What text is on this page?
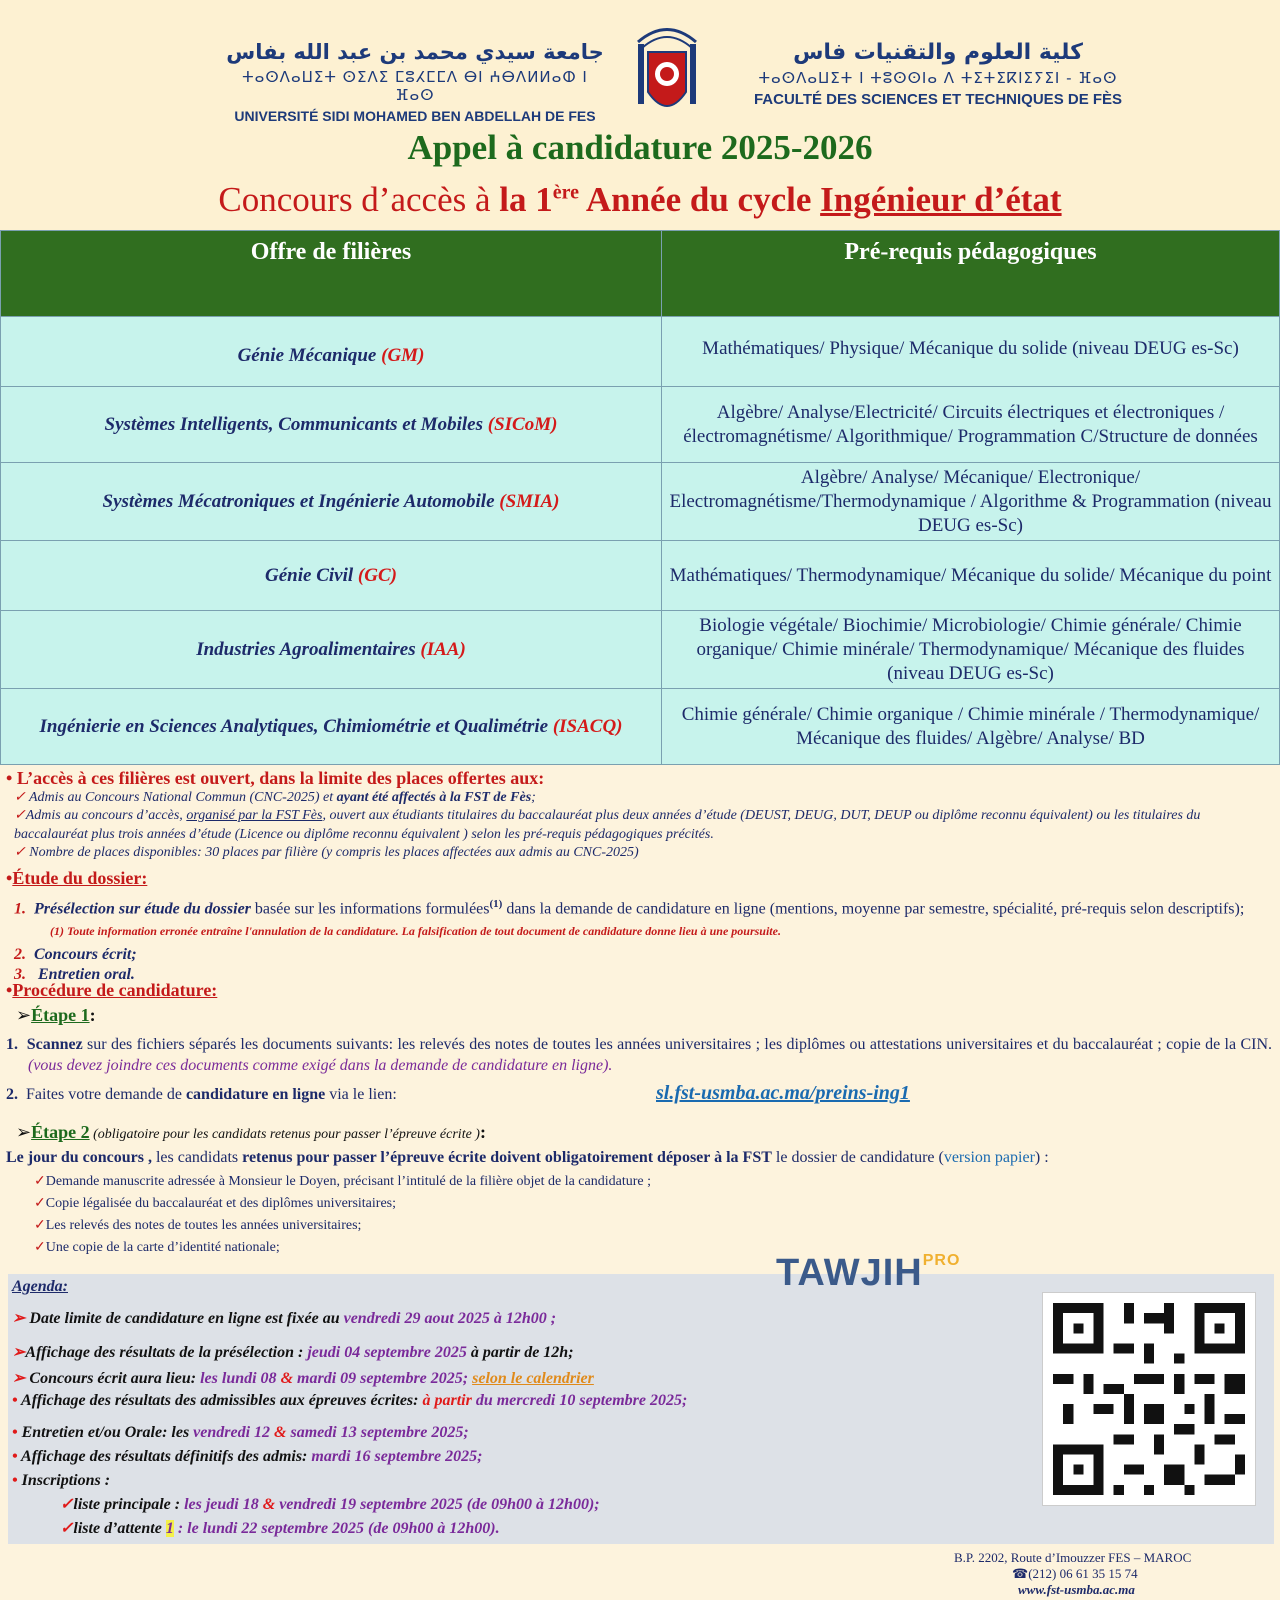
جامعة سيدي محمد بن عبد الله بفاس
ⵜⴰⵙⴷⴰⵡⵉⵜ ⵙⵉⴷⵉ ⵎⵓⵃⵎⵎⴷ ⴱⵏ ⵄⴱⴷⵍⵍⴰⵀ ⵏ ⴼⴰⵙ
UNIVERSITÉ SIDI MOHAMED BEN ABDELLAH DE FES
كلية العلوم والتقنيات فاس
ⵜⴰⵙⴷⴰⵡⵉⵜ ⵏ ⵜⵓⵙⵙⵏⴰ ⴷ ⵜⵉⵜⵉⴽⵏⵉⵢⵉⵏ - ⴼⴰⵙ
FACULTÉ DES SCIENCES ET TECHNIQUES DE FÈS
Appel à candidature 2025-2026
Concours d’accès à la 1ère Année du cycle Ingénieur d’état
Offre de filières	Pré-requis pédagogiques
Génie Mécanique (GM)	Mathématiques/ Physique/ Mécanique du solide (niveau DEUG es-Sc)
Systèmes Intelligents, Communicants et Mobiles (SICoM)	Algèbre/ Analyse/Electricité/ Circuits électriques et électroniques / électromagnétisme/ Algorithmique/ Programmation C/Structure de données
Systèmes Mécatroniques et Ingénierie Automobile (SMIA)	Algèbre/ Analyse/ Mécanique/ Electronique/ Electromagnétisme/Thermodynamique / Algorithme & Programmation (niveau DEUG es-Sc)
Génie Civil (GC)	Mathématiques/ Thermodynamique/ Mécanique du solide/ Mécanique du point
Industries Agroalimentaires (IAA)	Biologie végétale/ Biochimie/ Microbiologie/ Chimie générale/ Chimie organique/ Chimie minérale/ Thermodynamique/ Mécanique des fluides (niveau DEUG es-Sc)
Ingénierie en Sciences Analytiques, Chimiométrie et Qualimétrie (ISACQ)	Chimie générale/ Chimie organique / Chimie minérale / Thermodynamique/ Mécanique des fluides/ Algèbre/ Analyse/ BD
• L’accès à ces filières est ouvert, dans la limite des places offertes aux:
✓ Admis au Concours National Commun (CNC-2025) et ayant été affectés à la FST de Fès;
✓Admis au concours d’accès, organisé par la FST Fès, ouvert aux étudiants titulaires du baccalauréat plus deux années d’étude (DEUST, DEUG, DUT, DEUP ou diplôme reconnu équivalent) ou les titulaires du baccalauréat plus trois années d’étude (Licence ou diplôme reconnu équivalent ) selon les pré-requis pédagogiques précités.
✓ Nombre de places disponibles: 30 places par filière (y compris les places affectées aux admis au CNC-2025)
•Étude du dossier:
1. Présélection sur étude du dossier basée sur les informations formulées$^{(1)}$ dans la demande de candidature en ligne (mentions, moyenne par semestre, spécialité, pré-requis selon descriptifs); (1) Toute information erronée entraîne l'annulation de la candidature. La falsification de tout document de candidature donne lieu à une poursuite.
2. Concours écrit;
3. Entretien oral.
•Procédure de candidature:
➢Étape 1:
1. Scannez sur des fichiers séparés les documents suivants: les relevés des notes de toutes les années universitaires ; les diplômes ou attestations universitaires et du baccalauréat ; copie de la CIN. (vous devez joindre ces documents comme exigé dans la demande de candidature en ligne).
2. Faites votre demande de candidature en ligne via le lien:	sl.fst-usmba.ac.ma/preins-ing1
➢Étape 2 (obligatoire pour les candidats retenus pour passer l’épreuve écrite ):
Le jour du concours , les candidats retenus pour passer l’épreuve écrite doivent obligatoirement déposer à la FST le dossier de candidature (version papier) :
✓Demande manuscrite adressée à Monsieur le Doyen, précisant l’intitulé de la filière objet de la candidature ;
✓Copie légalisée du baccalauréat et des diplômes universitaires;
✓Les relevés des notes de toutes les années universitaires;
✓Une copie de la carte d’identité nationale;
Agenda:
➢ Date limite de candidature en ligne est fixée au vendredi 29 aout 2025 à 12h00 ;
➢Affichage des résultats de la présélection : jeudi 04 septembre 2025 à partir de 12h;
➢ Concours écrit aura lieu: les lundi 08 & mardi 09 septembre 2025; selon le calendrier
• Affichage des résultats des admissibles aux épreuves écrites: à partir du mercredi 10 septembre 2025;
• Entretien et/ou Orale: les vendredi 12 & samedi 13 septembre 2025;
• Affichage des résultats définitifs des admis: mardi 16 septembre 2025;
• Inscriptions :
✓liste principale : les jeudi 18 & vendredi 19 septembre 2025 (de 09h00 à 12h00);
✓liste d’attente 1 : le lundi 22 septembre 2025 (de 09h00 à 12h00).
$TAWJIH^{PRO}$
B.P. 2202, Route d’Imouzzer FES – MAROC
☎(212) 06 61 35 15 74
www.fst-usmba.ac.ma
